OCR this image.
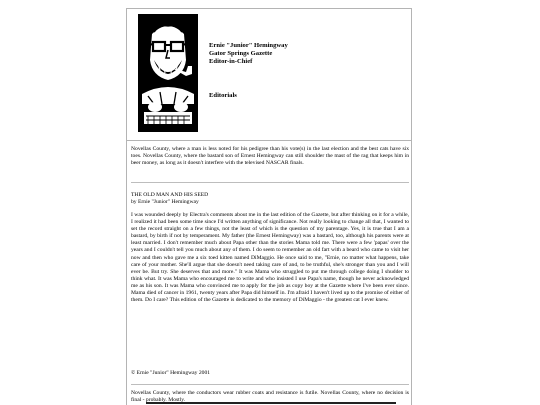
Ernie "Junior" Hemingway
Gator Springs Gazette
Editor-in-Chief
Editorials
Novellas County, where a man is less noted for his pedigree than his vote(s) in the last election and the best cats have six toes. Novellas County, where the bastard son of Ernest Hemingway can still shoulder the mast of the rag that keeps him in beer money, as long as it doesn't interfere with the televised NASCAR finals.
THE OLD MAN AND HIS SEED
by Ernie "Junior" Hemingway
I was wounded deeply by Electra's comments about me in the last edition of the Gazette, but after thinking on it for a while, I realized it had been some time since I'd written anything of significance. Not really looking to change all that, I wanted to set the record straight on a few things, not the least of which is the question of my parentage. Yes, it is true that I am a bastard, by birth if not by temperament. My father (the Ernest Hemingway) was a bastard, too, although his parents were at least married. I don't remember much about Papa other than the stories Mama told me. There were a few 'papas' over the years and I couldn't tell you much about any of them. I do seem to remember an old fart with a beard who came to visit her now and then who gave me a six toed kitten named DiMaggio. He once said to me, "Ernie, no matter what happens, take care of your mother. She'll argue that she doesn't need taking care of and, to be truthful, she's stronger than you and I will ever be. But try. She deserves that and more." It was Mama who struggled to put me through college doing I shudder to think what. It was Mama who encouraged me to write and who insisted I use Papa's name, though he never acknowledged me as his son. It was Mama who convinced me to apply for the job as copy boy at the Gazette where I've been ever since. Mama died of cancer in 1961, twenty years after Papa did himself in. I'm afraid I haven't lived up to the promise of either of them. Do I care? This edition of the Gazette is dedicated to the memory of DiMaggio - the greatest cat I ever knew.
© Ernie "Junior" Hemingway 2001
Novellas County, where the conductors wear rubber coats and resistance is futile. Novellas County, where no decision is final - probably. Mostly.
